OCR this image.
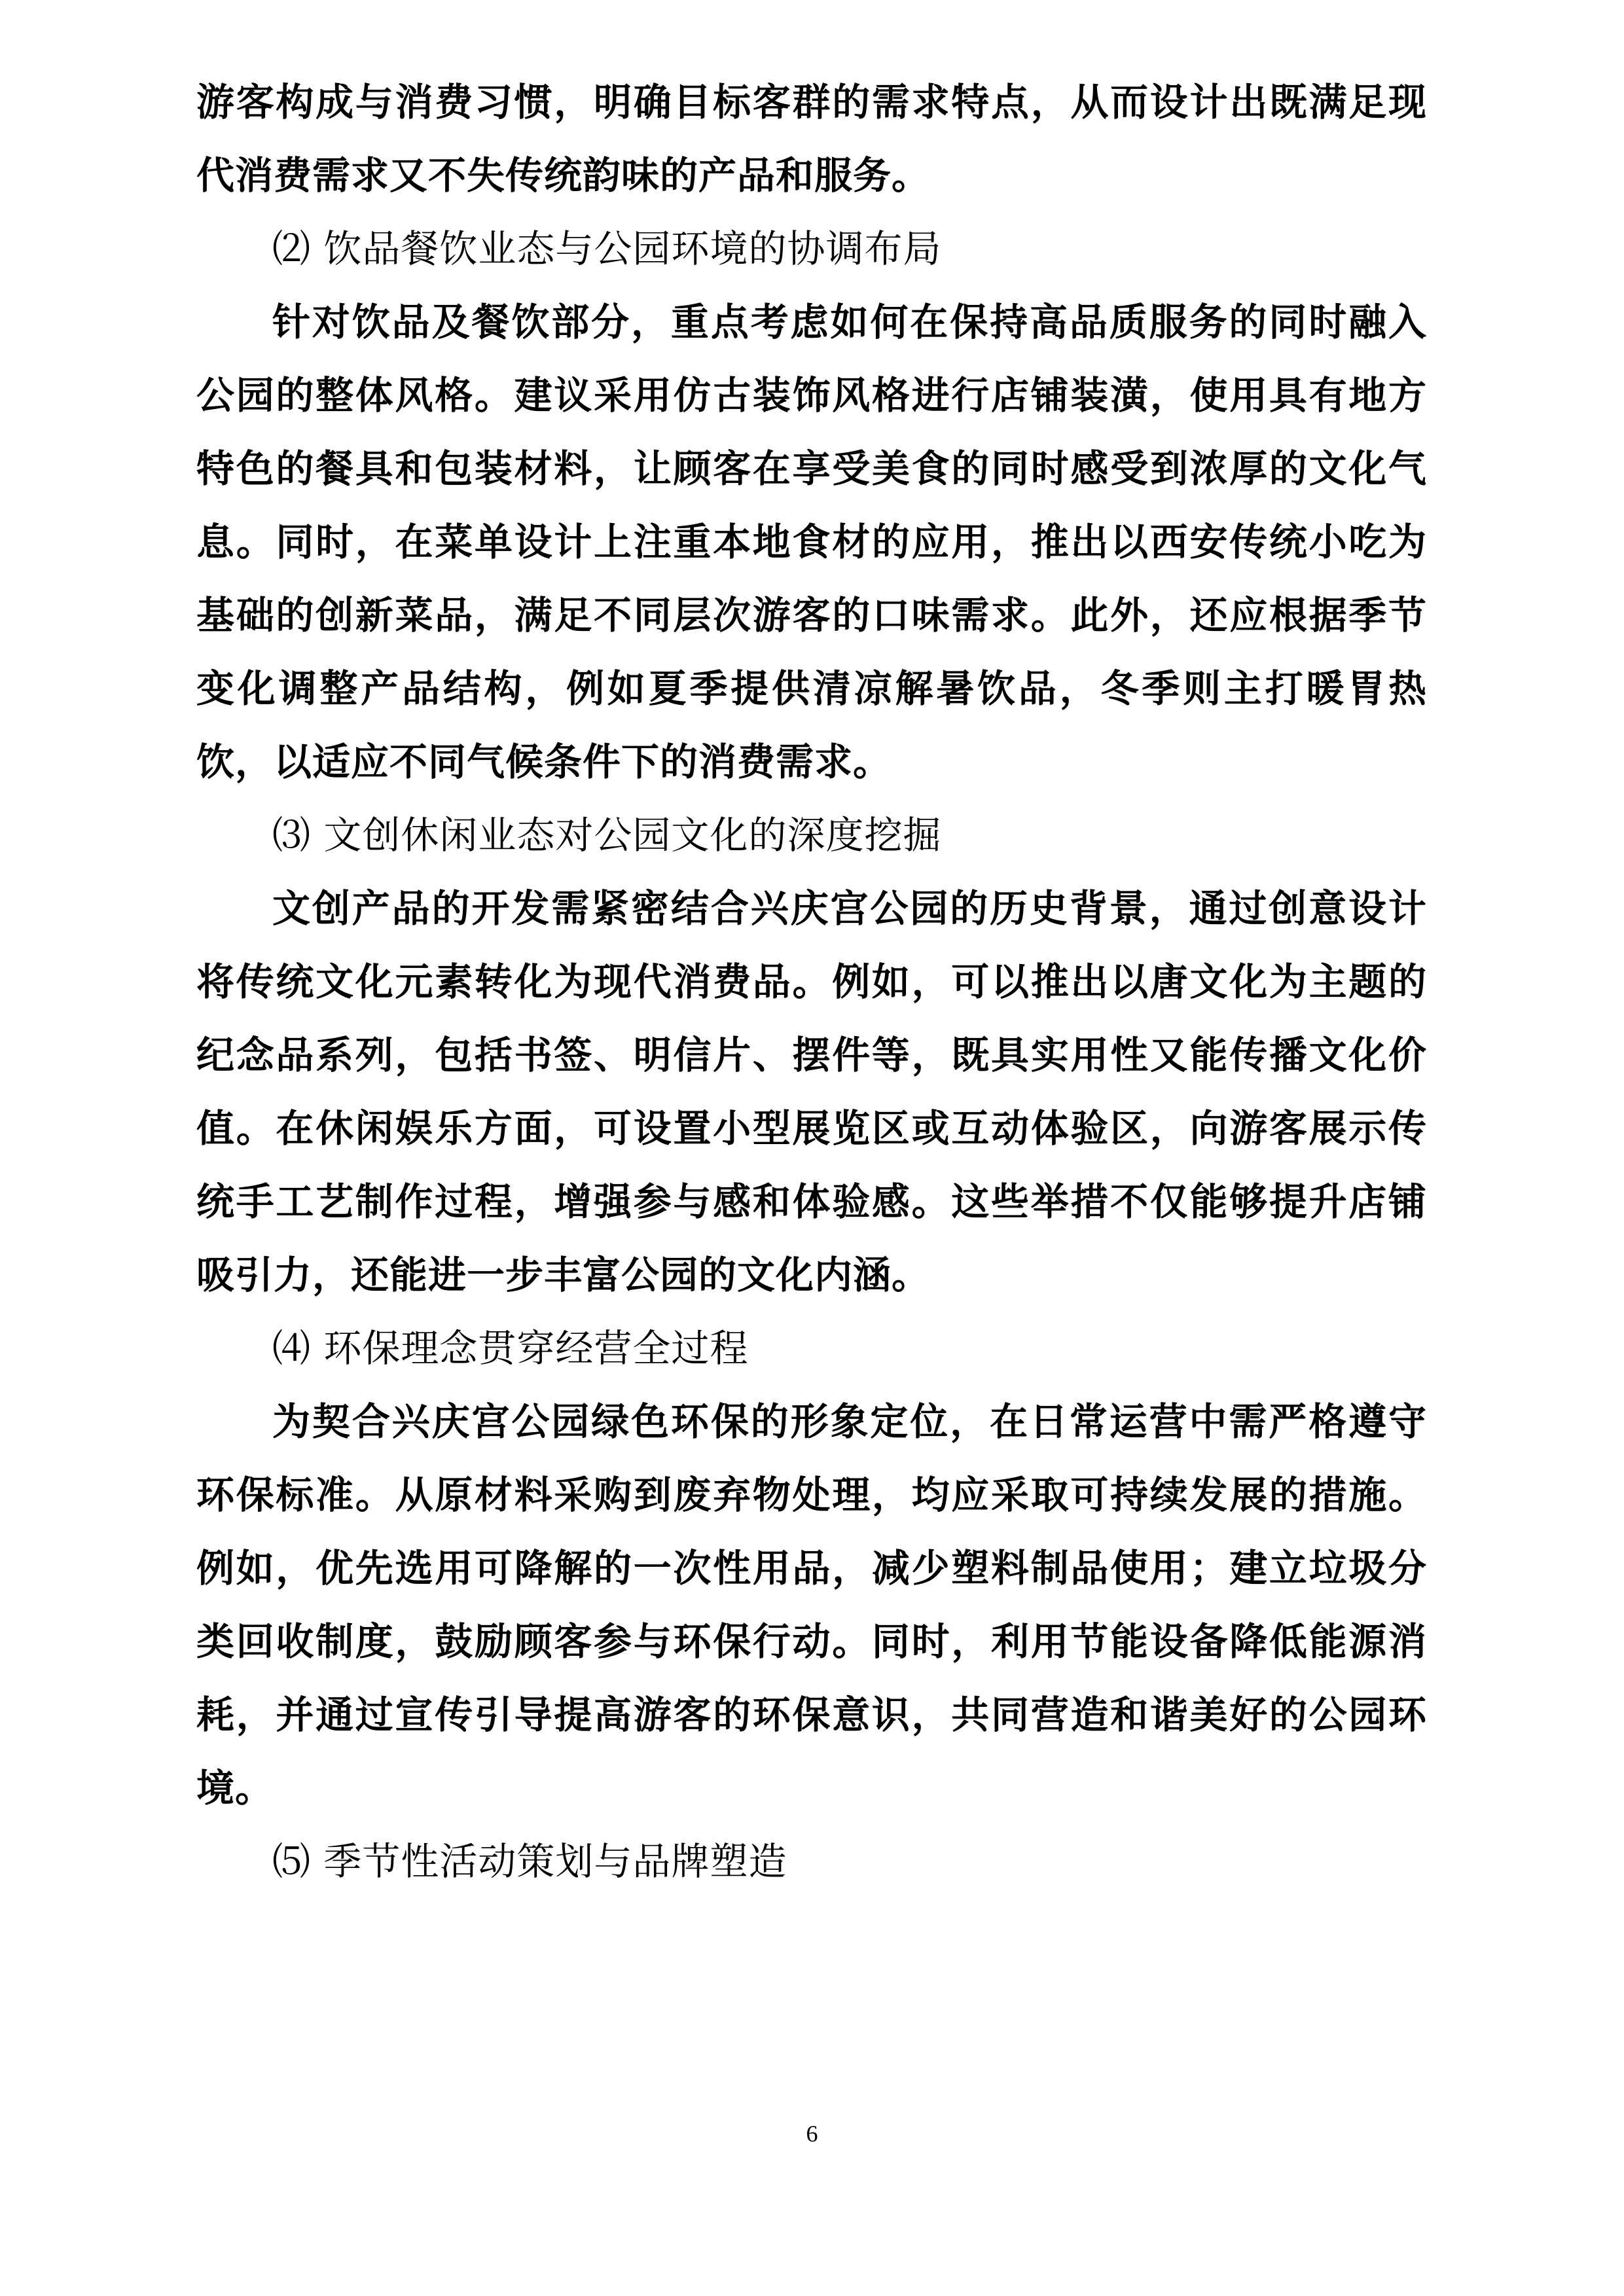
游客构成与消费习惯，明确目标客群的需求特点，从而设计出既满足现代消费需求又不失传统韵味的产品和服务。

⑵ 饮品餐饮业态与公园环境的协调布局

针对饮品及餐饮部分，重点考虑如何在保持高品质服务的同时融入公园的整体风格。建议采用仿古装饰风格进行店铺装潢，使用具有地方特色的餐具和包装材料，让顾客在享受美食的同时感受到浓厚的文化气息。同时，在菜单设计上注重本地食材的应用，推出以西安传统小吃为基础的创新菜品，满足不同层次游客的口味需求。此外，还应根据季节变化调整产品结构，例如夏季提供清凉解暑饮品，冬季则主打暖胃热饮，以适应不同气候条件下的消费需求。

⑶ 文创休闲业态对公园文化的深度挖掘

文创产品的开发需紧密结合兴庆宫公园的历史背景，通过创意设计将传统文化元素转化为现代消费品。例如，可以推出以唐文化为主题的纪念品系列，包括书签、明信片、摆件等，既具实用性又能传播文化价值。在休闲娱乐方面，可设置小型展览区或互动体验区，向游客展示传统手工艺制作过程，增强参与感和体验感。这些举措不仅能够提升店铺吸引力，还能进一步丰富公园的文化内涵。

⑷ 环保理念贯穿经营全过程

为契合兴庆宫公园绿色环保的形象定位，在日常运营中需严格遵守环保标准。从原材料采购到废弃物处理，均应采取可持续发展的措施。例如，优先选用可降解的一次性用品，减少塑料制品使用；建立垃圾分类回收制度，鼓励顾客参与环保行动。同时，利用节能设备降低能源消耗，并通过宣传引导提高游客的环保意识，共同营造和谐美好的公园环境。

⑸ 季节性活动策划与品牌塑造

6
